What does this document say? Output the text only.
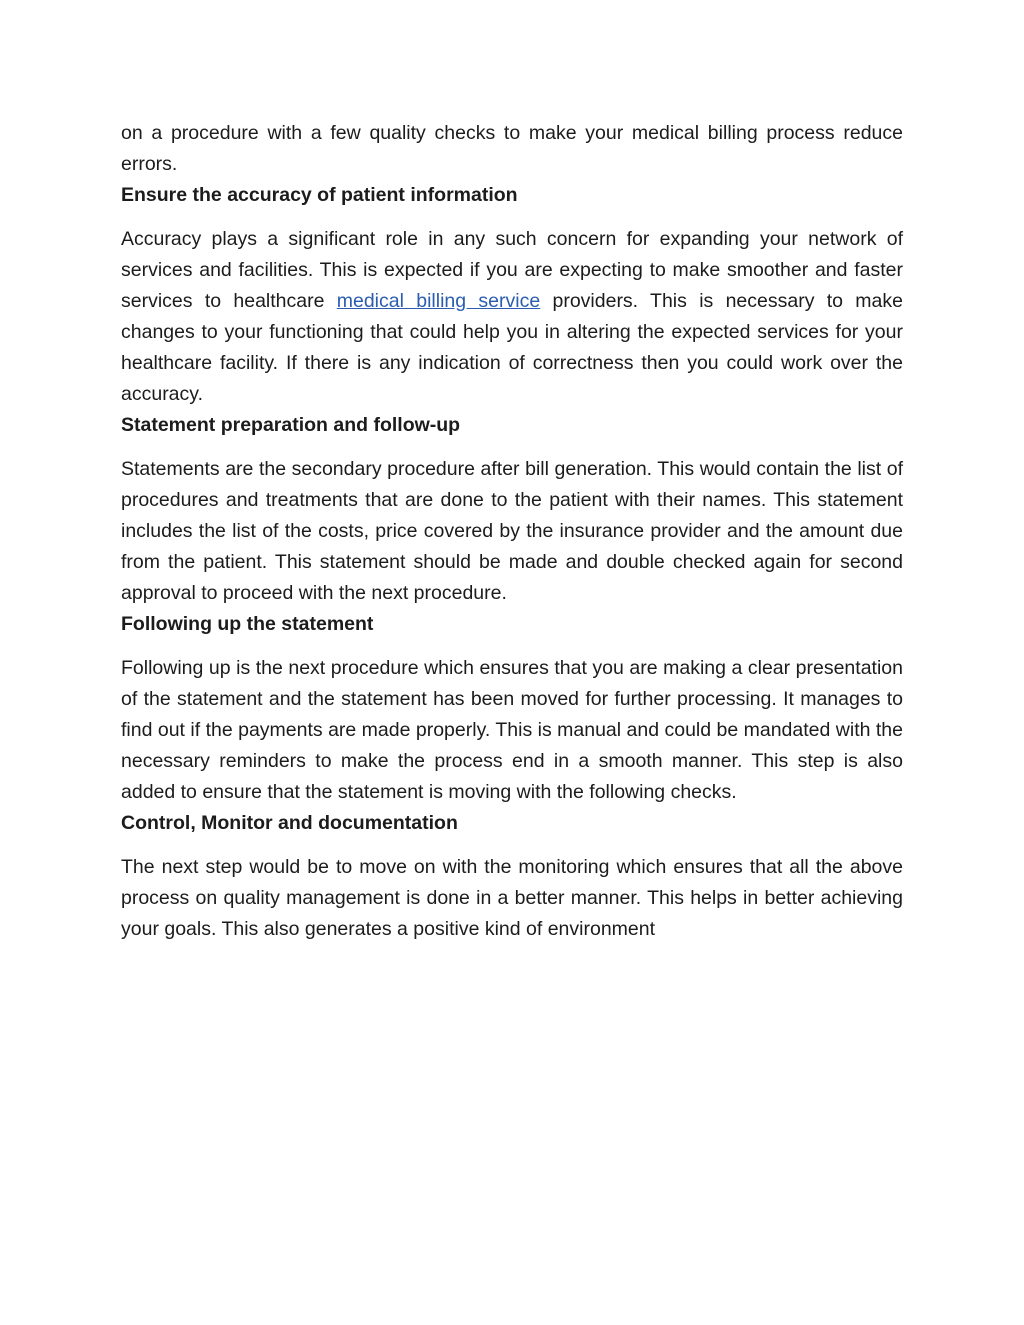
on a procedure with a few quality checks to make your medical billing process reduce errors.

Ensure the accuracy of patient information

Accuracy plays a significant role in any such concern for expanding your network of services and facilities. This is expected if you are expecting to make smoother and faster services to healthcare medical billing service providers. This is necessary to make changes to your functioning that could help you in altering the expected services for your healthcare facility. If there is any indication of correctness then you could work over the accuracy.

Statement preparation and follow-up

Statements are the secondary procedure after bill generation. This would contain the list of procedures and treatments that are done to the patient with their names. This statement includes the list of the costs, price covered by the insurance provider and the amount due from the patient. This statement should be made and double checked again for second approval to proceed with the next procedure.

Following up the statement

Following up is the next procedure which ensures that you are making a clear presentation of the statement and the statement has been moved for further processing. It manages to find out if the payments are made properly. This is manual and could be mandated with the necessary reminders to make the process end in a smooth manner. This step is also added to ensure that the statement is moving with the following checks.

Control, Monitor and documentation

The next step would be to move on with the monitoring which ensures that all the above process on quality management is done in a better manner. This helps in better achieving your goals. This also generates a positive kind of environment
